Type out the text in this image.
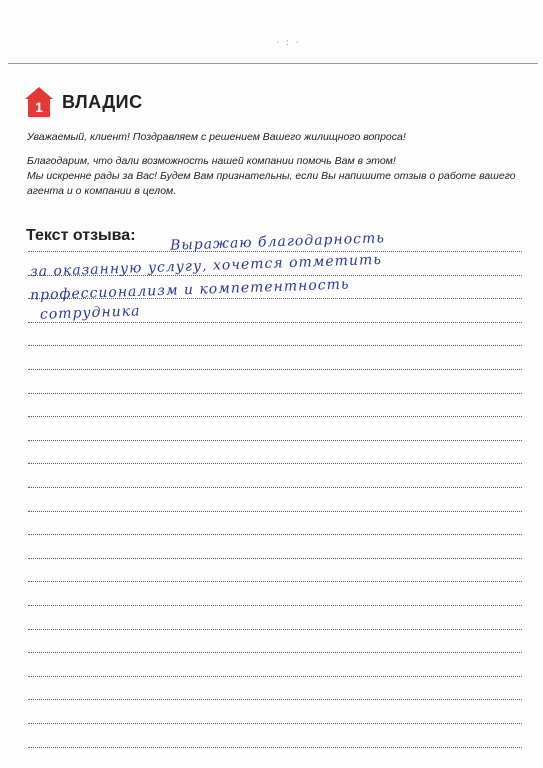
· : ·
1 ВЛАДИС

Уважаемый, клиент! Поздравляем с решением Вашего жилищного вопроса!

Благодарим, что дали возможность нашей компании помочь Вам в этом!

Мы искренне рады за Вас! Будем Вам признательны, если Вы напишите отзыв о работе вашего агента и о компании в целом.

Текст отзыва: Выражаю благодарность
за оказанную услугу, хочется отметить
профессионализм и компетентность
сотрудника
